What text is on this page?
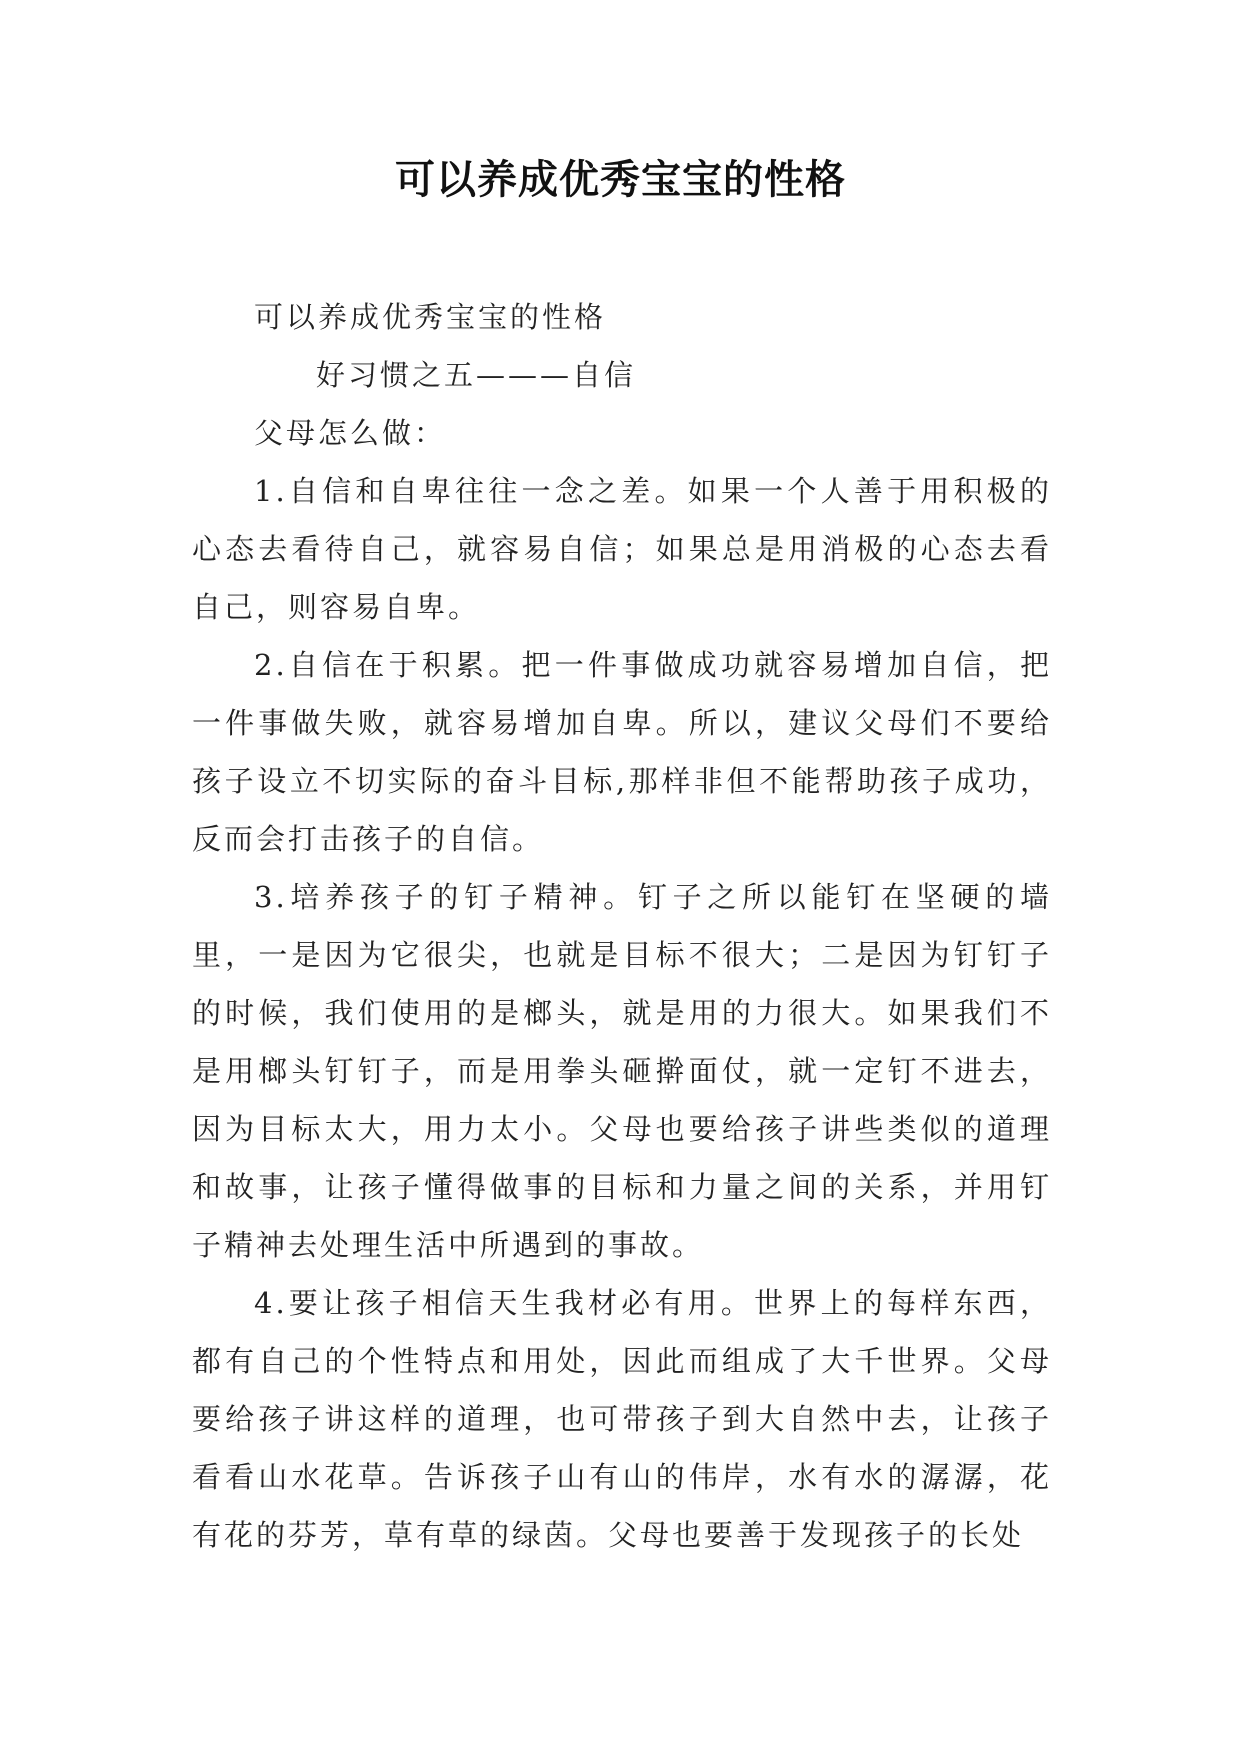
可以养成优秀宝宝的性格

可以养成优秀宝宝的性格

好习惯之五———自信

父母怎么做：

1.自信和自卑往往一念之差。如果一个人善于用积极的心态去看待自己，就容易自信；如果总是用消极的心态去看自己，则容易自卑。

2.自信在于积累。把一件事做成功就容易增加自信，把一件事做失败，就容易增加自卑。所以，建议父母们不要给孩子设立不切实际的奋斗目标,那样非但不能帮助孩子成功，反而会打击孩子的自信。

3.培养孩子的钉子精神。钉子之所以能钉在坚硬的墙里，一是因为它很尖，也就是目标不很大；二是因为钉钉子的时候，我们使用的是榔头，就是用的力很大。如果我们不是用榔头钉钉子，而是用拳头砸擀面仗，就一定钉不进去，因为目标太大，用力太小。父母也要给孩子讲些类似的道理和故事，让孩子懂得做事的目标和力量之间的关系，并用钉子精神去处理生活中所遇到的事故。

4.要让孩子相信天生我材必有用。世界上的每样东西，都有自己的个性特点和用处，因此而组成了大千世界。父母要给孩子讲这样的道理，也可带孩子到大自然中去，让孩子看看山水花草。告诉孩子山有山的伟岸，水有水的潺潺，花有花的芬芳，草有草的绿茵。父母也要善于发现孩子的长处
